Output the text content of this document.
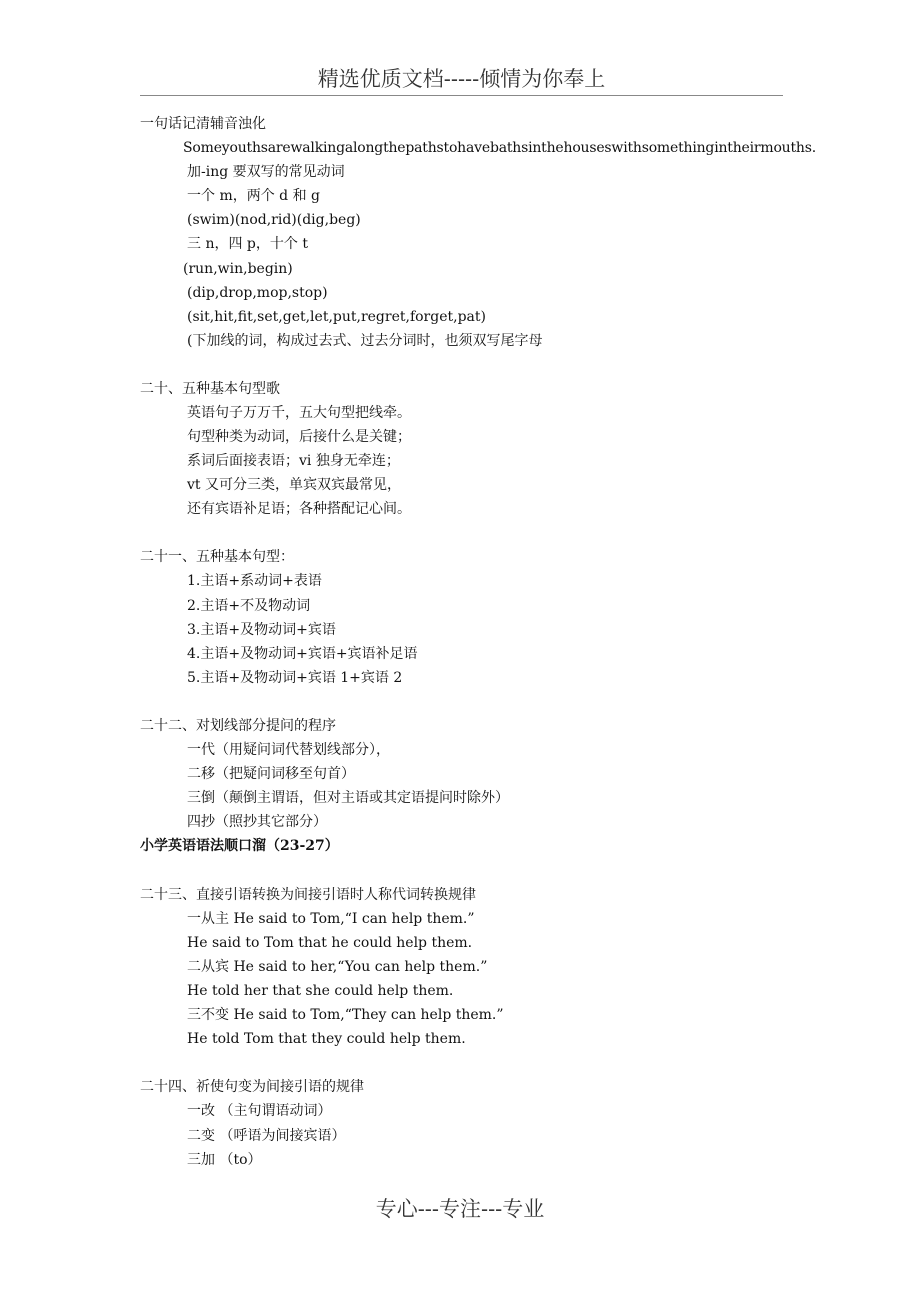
精选优质文档-----倾情为你奉上
一句话记清辅音浊化
Someyouthsarewalkingalongthepathstohavebathsinthehouseswithsomethingintheirmouths.
加-ing 要双写的常见动词
一个 m，两个 d 和 g
(swim)(nod,rid)(dig,beg)
三 n，四 p，十个 t
(run,win,begin)
(dip,drop,mop,stop)
(sit,hit,fit,set,get,let,put,regret,forget,pat)
(下加线的词，构成过去式、过去分词时，也须双写尾字母
二十、五种基本句型歌
英语句子万万千，五大句型把线牵。
句型种类为动词，后接什么是关键；
系词后面接表语；vi 独身无牵连；
vt 又可分三类，单宾双宾最常见，
还有宾语补足语；各种搭配记心间。
二十一、五种基本句型：
1.主语+系动词+表语
2.主语+不及物动词
3.主语+及物动词+宾语
4.主语+及物动词+宾语+宾语补足语
5.主语+及物动词+宾语 1+宾语 2
二十二、对划线部分提问的程序
一代（用疑问词代替划线部分），
二移（把疑问词移至句首）
三倒（颠倒主谓语，但对主语或其定语提问时除外）
四抄（照抄其它部分）
小学英语语法顺口溜（23-27）
二十三、直接引语转换为间接引语时人称代词转换规律
一从主 He said to Tom,“I can help them.”
He said to Tom that he could help them.
二从宾 He said to her,“You can help them.”
He told her that she could help them.
三不变 He said to Tom,“They can help them.”
He told Tom that they could help them.
二十四、祈使句变为间接引语的规律
一改 （主句谓语动词）
二变 （呼语为间接宾语）
三加 （to）
专心---专注---专业
